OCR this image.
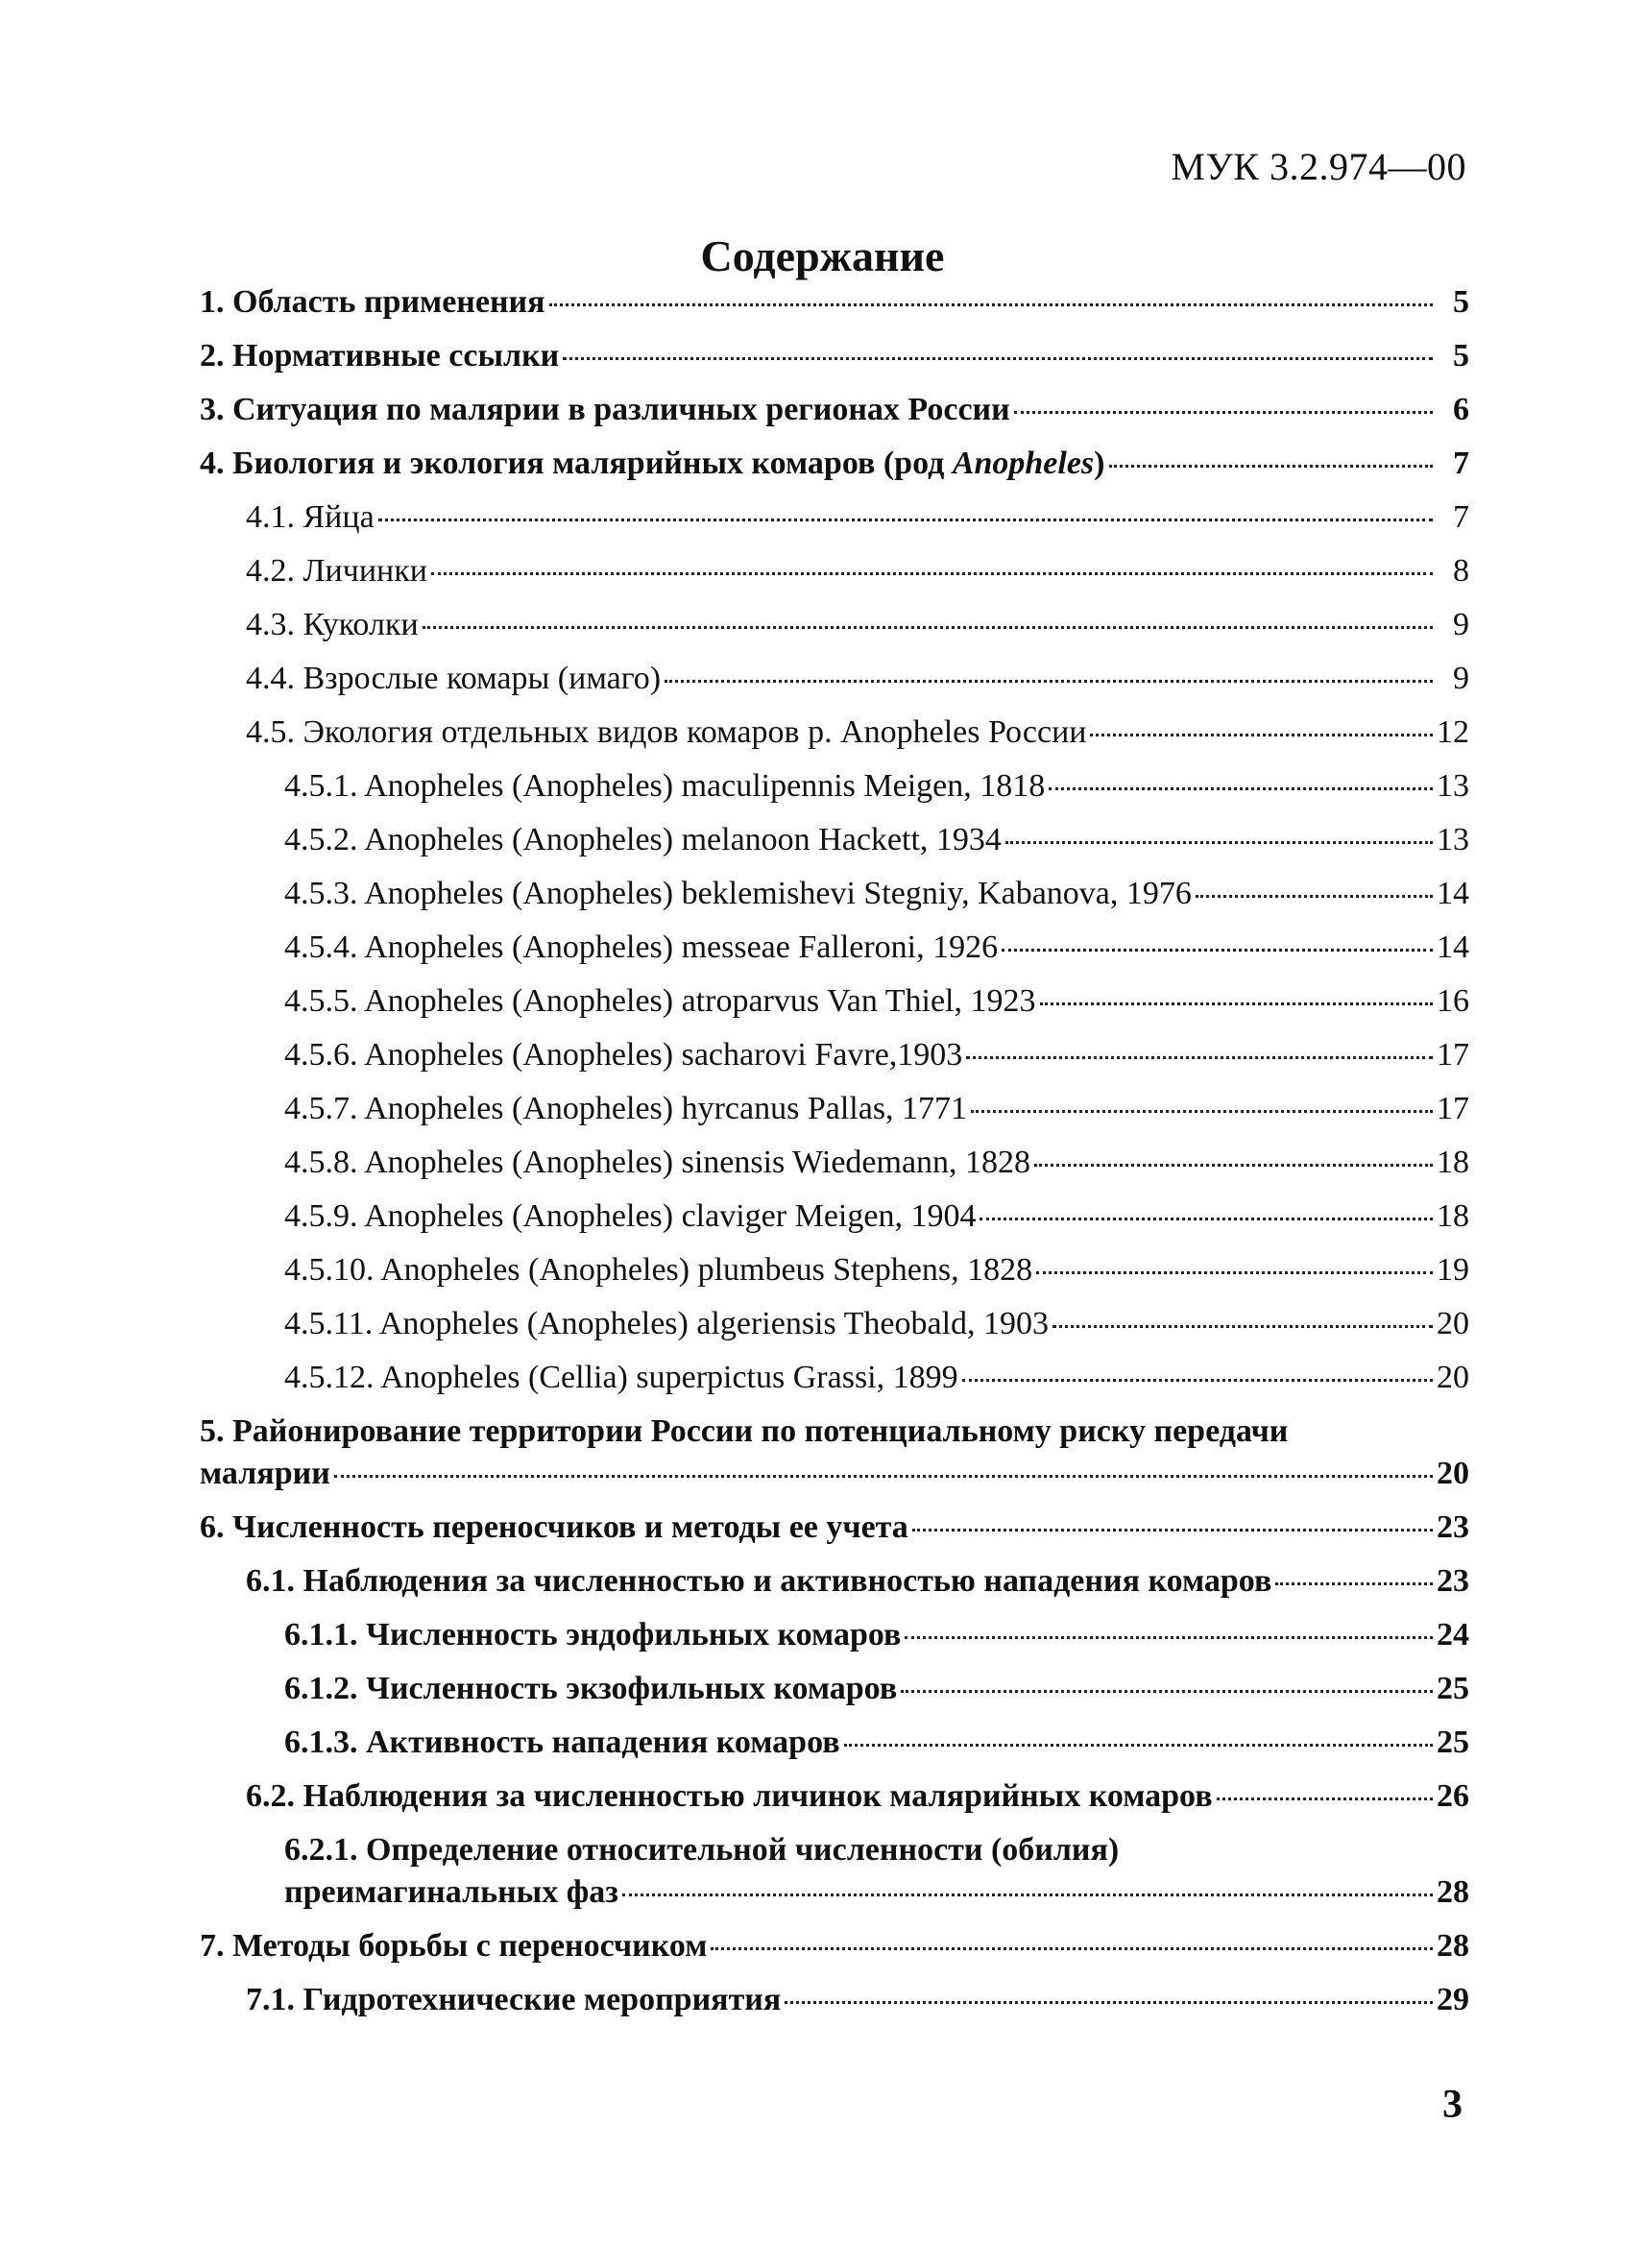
МУК 3.2.974—00
Содержание
1. Область применения	5
2. Нормативные ссылки	5
3. Ситуация по малярии в различных регионах России	6
4. Биология и экология малярийных комаров (род Anopheles)	7
4.1. Яйца	7
4.2. Личинки	8
4.3. Куколки	9
4.4. Взрослые комары (имаго)	9
4.5. Экология отдельных видов комаров р. Anopheles России	12
4.5.1. Anopheles (Anopheles) maculipennis Meigen, 1818	13
4.5.2. Anopheles (Anopheles) melanoon Hackett, 1934	13
4.5.3. Anopheles (Anopheles) beklemishevi Stegniy, Kabanova, 1976	14
4.5.4. Anopheles (Anopheles) messeae Falleroni, 1926	14
4.5.5. Anopheles (Anopheles) atroparvus Van Thiel, 1923	16
4.5.6. Anopheles (Anopheles) sacharovi Favre,1903	17
4.5.7. Anopheles (Anopheles) hyrcanus Pallas, 1771	17
4.5.8. Anopheles (Anopheles) sinensis Wiedemann, 1828	18
4.5.9. Anopheles (Anopheles) claviger Meigen, 1904	18
4.5.10. Anopheles (Anopheles) plumbeus Stephens, 1828	19
4.5.11. Anopheles (Anopheles) algeriensis Theobald, 1903	20
4.5.12. Anopheles (Cellia) superpictus Grassi, 1899	20
5. Районирование территории России по потенциальному риску передачи
малярии	20
6. Численность переносчиков и методы ее учета	23
6.1. Наблюдения за численностью и активностью нападения комаров	23
6.1.1. Численность эндофильных комаров	24
6.1.2. Численность экзофильных комаров	25
6.1.3. Активность нападения комаров	25
6.2. Наблюдения за численностью личинок малярийных комаров	26
6.2.1. Определение относительной численности (обилия)
преимагинальных фаз	28
7. Методы борьбы с переносчиком	28
7.1. Гидротехнические мероприятия	29
3
